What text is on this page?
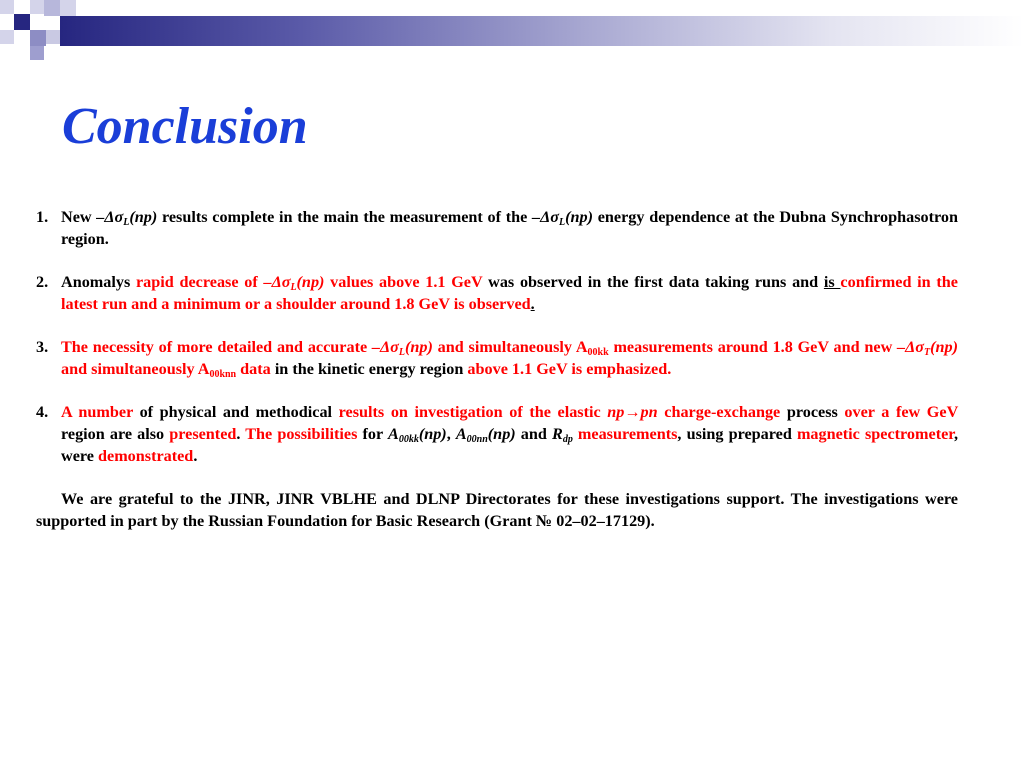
Conclusion
1. New $-\Delta\sigma_L(np)$ results complete in the main the measurement of the $-\Delta\sigma_L(np)$ energy dependence at the Dubna Synchrophasotron region.
2. Anomalys rapid decrease of $-\Delta\sigma_L(np)$ values above 1.1 GeV was observed in the first data taking runs and is confirmed in the latest run and a minimum or a shoulder around 1.8 GeV is observed.
3. The necessity of more detailed and accurate $-\Delta\sigma_L(np)$ and simultaneously $A_{00kk}$ measurements around 1.8 GeV and new $-\Delta\sigma_T(np)$ and simultaneously $A_{00knn}$ data in the kinetic energy region above 1.1 GeV is emphasized.
4. A number of physical and methodical results on investigation of the elastic np→pn charge-exchange process over a few GeV region are also presented. The possibilities for $A_{00kk}(np)$, $A_{00nn}(np)$ and $R_{dp}$ measurements, using prepared magnetic spectrometer, were demonstrated.
We are grateful to the JINR, JINR VBLHE and DLNP Directorates for these investigations support. The investigations were supported in part by the Russian Foundation for Basic Research (Grant № 02–02–17129).
